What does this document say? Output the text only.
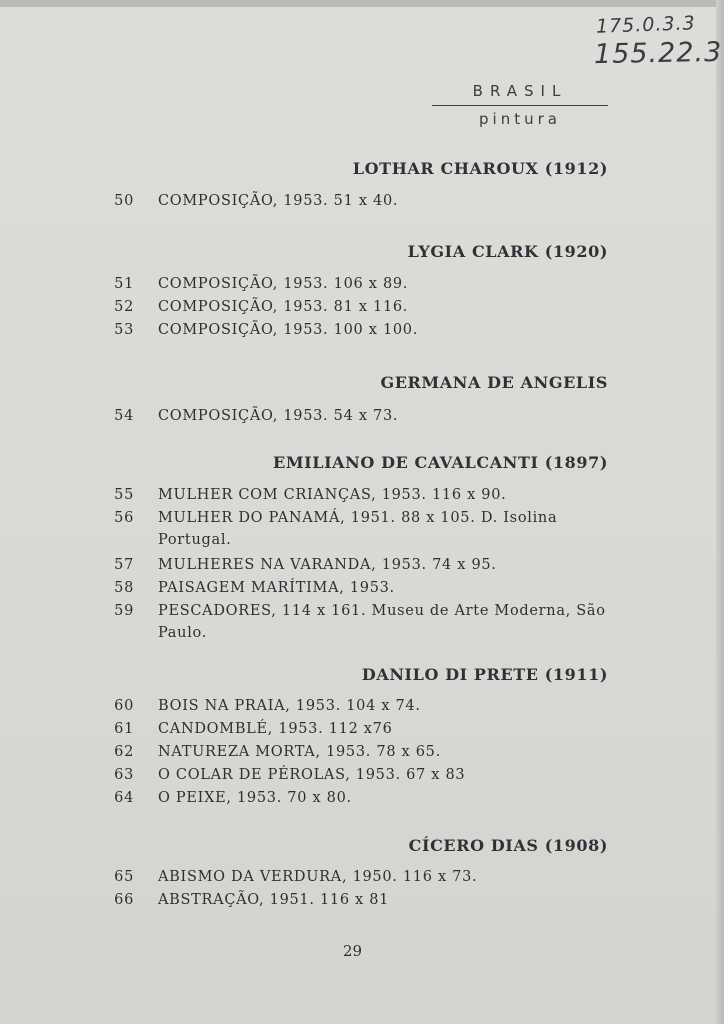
175.0.3.3
155.22.3
BRASIL
pintura
LOTHAR CHAROUX (1912)
50 COMPOSIÇÃO, 1953. 51 x 40.
LYGIA CLARK (1920)
51 COMPOSIÇÃO, 1953. 106 x 89.
52 COMPOSIÇÃO, 1953. 81 x 116.
53 COMPOSIÇÃO, 1953. 100 x 100.
GERMANA DE ANGELIS
54 COMPOSIÇÃO, 1953. 54 x 73.
EMILIANO DE CAVALCANTI (1897)
55 MULHER COM CRIANÇAS, 1953. 116 x 90.
56 MULHER DO PANAMÁ, 1951. 88 x 105. D. Isolina Portugal.
57 MULHERES NA VARANDA, 1953. 74 x 95.
58 PAISAGEM MARÍTIMA, 1953.
59 PESCADORES, 114 x 161. Museu de Arte Moderna, São Paulo.
DANILO DI PRETE (1911)
60 BOIS NA PRAIA, 1953. 104 x 74.
61 CANDOMBLÉ, 1953. 112 x76
62 NATUREZA MORTA, 1953. 78 x 65.
63 O COLAR DE PÉROLAS, 1953. 67 x 83
64 O PEIXE, 1953. 70 x 80.
CÍCERO DIAS (1908)
65 ABISMO DA VERDURA, 1950. 116 x 73.
66 ABSTRAÇÃO, 1951. 116 x 81
29
